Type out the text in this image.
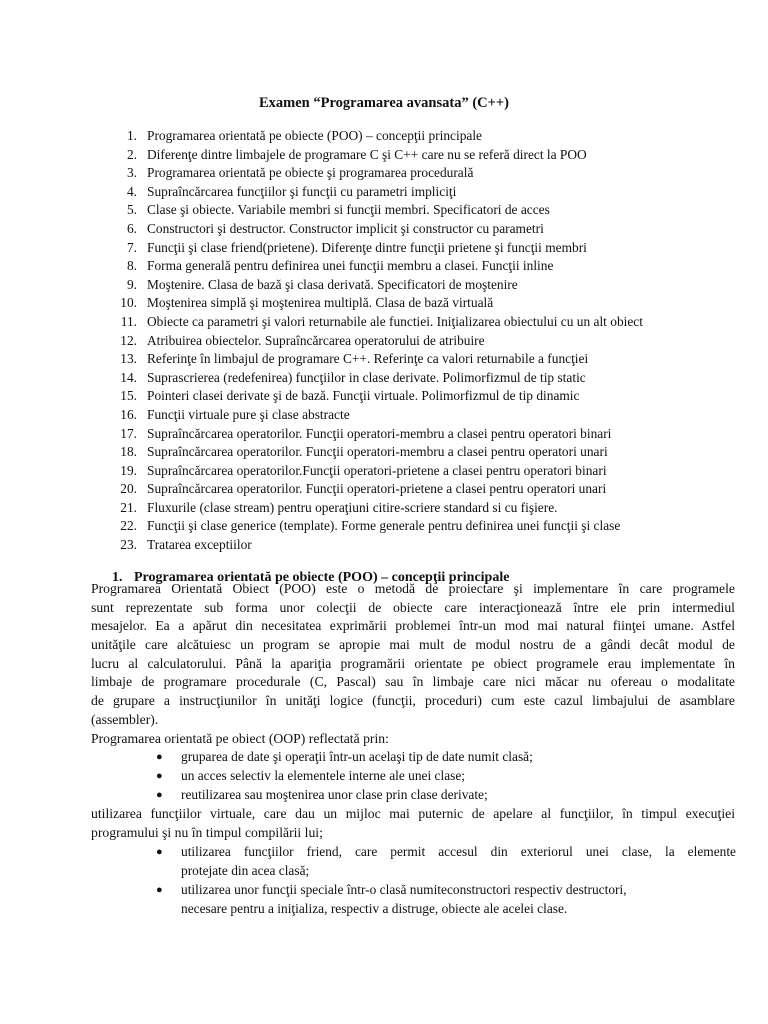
Examen “Programarea avansata” (C++)
1. Programarea orientată pe obiecte (POO) – concepţii principale
2. Diferenţe dintre limbajele de programare C şi C++ care nu se referă direct la POO
3. Programarea orientată pe obiecte şi programarea procedurală
4. Supraîncărcarea funcţiilor şi funcţii cu parametri impliciţi
5. Clase şi obiecte. Variabile membri si funcţii membri. Specificatori de acces
6. Constructori şi destructor. Constructor implicit şi constructor cu parametri
7. Funcţii şi clase friend(prietene). Diferenţe dintre funcţii prietene şi funcţii membri
8. Forma generală pentru definirea unei funcţii membru a clasei. Funcţii inline
9. Moştenire. Clasa de bază şi clasa derivată. Specificatori de moştenire
10. Moştenirea simplă şi moştenirea multiplă. Clasa de bază virtuală
11. Obiecte ca parametri şi valori returnabile ale functiei. Iniţializarea obiectului cu un alt obiect
12. Atribuirea obiectelor. Supraîncărcarea operatorului de atribuire
13. Referinţe în limbajul de programare C++. Referinţe ca valori returnabile a funcţiei
14. Suprascrierea (redefenirea) funcţiilor in clase derivate. Polimorfizmul de tip static
15. Pointeri clasei derivate şi de bază. Funcţii virtuale. Polimorfizmul de tip dinamic
16. Funcţii virtuale pure şi clase abstracte
17. Supraîncărcarea operatorilor. Funcţii operatori-membru a clasei pentru operatori binari
18. Supraîncărcarea operatorilor. Funcţii operatori-membru a clasei pentru operatori unari
19. Supraîncărcarea operatorilor.Funcţii operatori-prietene a clasei pentru operatori binari
20. Supraîncărcarea operatorilor. Funcţii operatori-prietene a clasei pentru operatori unari
21. Fluxurile (clase stream) pentru operaţiuni citire-scriere standard si cu fişiere.
22. Funcţii şi clase generice (template). Forme generale pentru definirea unei funcţii şi clase
23. Tratarea exceptiilor
1. Programarea orientată pe obiecte (POO) – concepţii principale
Programarea Orientată Obiect (POO) este o metodă de proiectare şi implementare în care programele
sunt reprezentate sub forma unor colecţii de obiecte care interacţionează între ele prin intermediul
mesajelor. Ea a apărut din necesitatea exprimării problemei într-un mod mai natural fiinţei umane. Astfel
unităţile care alcătuiesc un program se apropie mai mult de modul nostru de a gândi decât modul de
lucru al calculatorului. Până la apariţia programării orientate pe obiect programele erau implementate în
limbaje de programare procedurale (C, Pascal) sau în limbaje care nici măcar nu ofereau o modalitate
de grupare a instrucţiunilor în unităţi logice (funcţii, proceduri) cum este cazul limbajului de asamblare
(assembler).
Programarea orientată pe obiect (OOP) reflectată prin:
●	gruparea de date şi operaţii într-un acelaşi tip de date numit clasă;
●	un acces selectiv la elementele interne ale unei clase;
●	reutilizarea sau moştenirea unor clase prin clase derivate;
utilizarea funcţiilor virtuale, care dau un mijloc mai puternic de apelare al funcţiilor, în timpul execuţiei
programului şi nu în timpul compilării lui;
●	utilizarea funcţiilor friend, care permit accesul din exteriorul unei clase, la elemente
protejate din acea clasă;
●	utilizarea unor funcţii speciale într-o clasă numiteconstructori respectiv destructori,
necesare pentru a iniţializa, respectiv a distruge, obiecte ale acelei clase.
